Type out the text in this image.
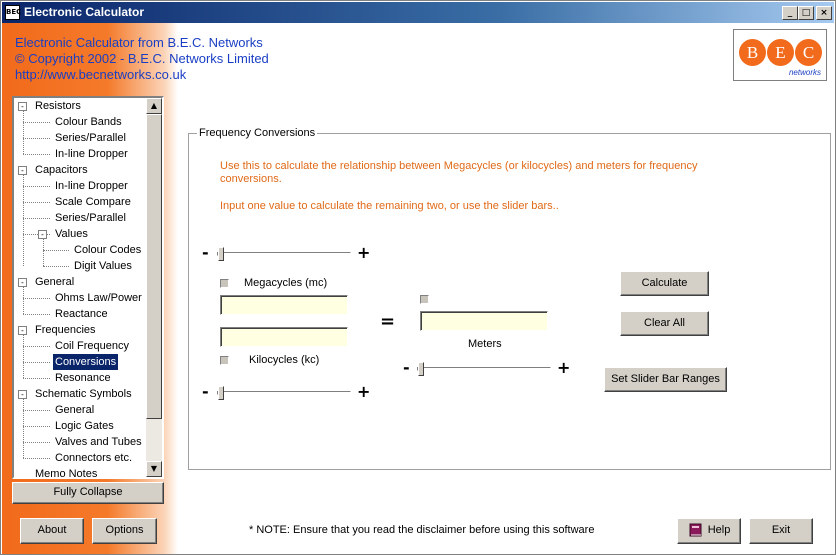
BEC Electronic Calculator	_	□	×
Electronic Calculator from B.E.C. Networks
© Copyright 2002 - B.E.C. Networks Limited
http://www.becnetworks.co.uk
B	E	C
networks
- Resistors
Colour Bands
Series/Parallel
In-line Dropper
- Capacitors
In-line Dropper
Scale Compare
Series/Parallel
- Values
Colour Codes
Digit Values
- General
Ohms Law/Power
Reactance
- Frequencies
Coil Frequency
Conversions
Resonance
- Schematic Symbols
General
Logic Gates
Valves and Tubes
Connectors etc.
Memo Notes
▲
▼
Fully Collapse
About	Options
Frequency Conversions
Use this to calculate the relationship between Megacycles (or kilocycles) and meters for frequency conversions.
Input one value to calculate the remaining two, or use the slider bars..
-	+
Megacycles (mc)
Kilocycles (kc)
-	+
=
Meters
-	+
Calculate
Clear All
Set Slider Bar Ranges
* NOTE: Ensure that you read the disclaimer before using this software	Help	Exit
